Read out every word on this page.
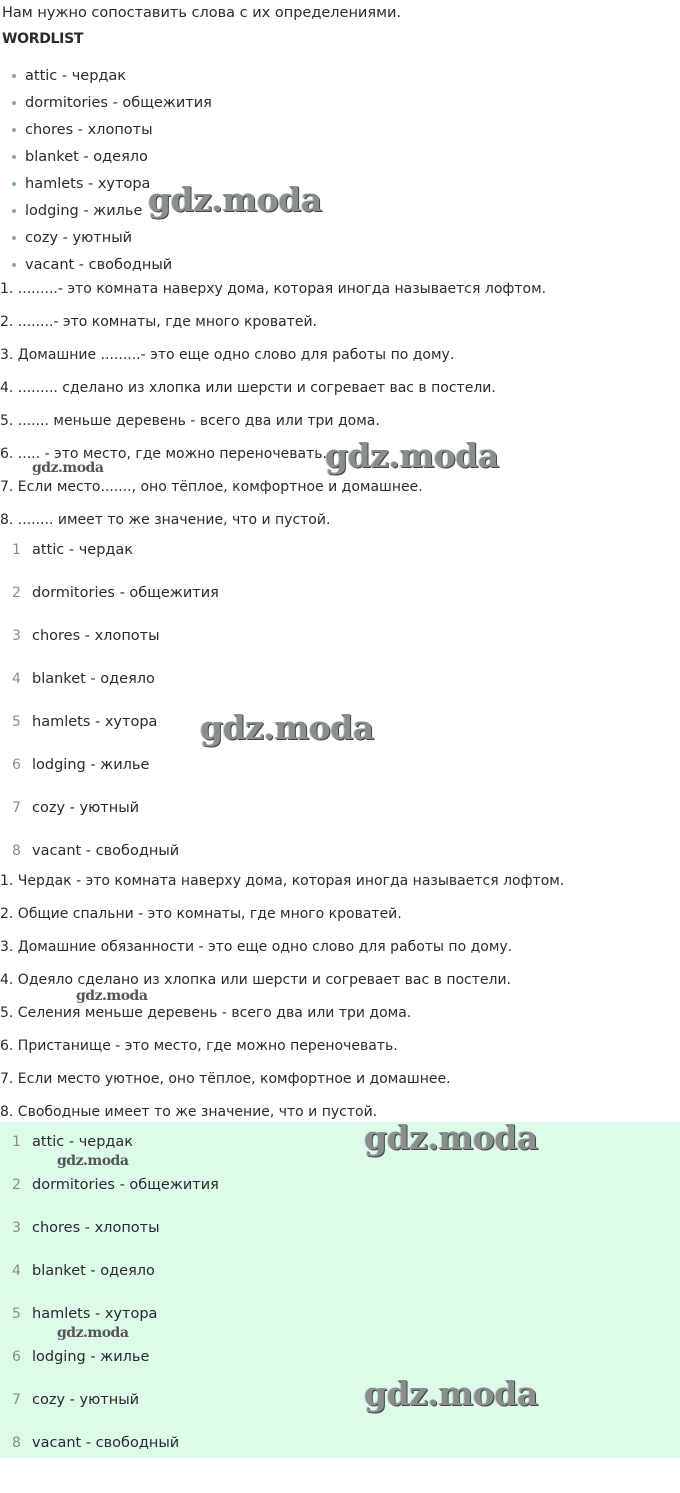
Нам нужно сопоставить слова с их определениями.
WORDLIST
attic - чердак
dormitories - общежития
chores - хлопоты
blanket - одеяло
hamlets - хутора
lodging - жилье
cozy - уютный
vacant - свободный
1. .........- это комната наверху дома, которая иногда называется лофтом.
2. ........- это комнаты, где много кроватей.
3. Домашние .........- это еще одно слово для работы по дому.
4. ......... сделано из хлопка или шерсти и согревает вас в постели.
5. ....... меньше деревень - всего два или три дома.
6. ..... - это место, где можно переночевать.
7. Если место......., оно тёплое, комфортное и домашнее.
8. ........ имеет то же значение, что и пустой.
1 attic - чердак
2 dormitories - общежития
3 chores - хлопоты
4 blanket - одеяло
5 hamlets - хутора
6 lodging - жилье
7 cozy - уютный
8 vacant - свободный
1. Чердак - это комната наверху дома, которая иногда называется лофтом.
2. Общие спальни - это комнаты, где много кроватей.
3. Домашние обязанности - это еще одно слово для работы по дому.
4. Одеяло сделано из хлопка или шерсти и согревает вас в постели.
5. Селения меньше деревень - всего два или три дома.
6. Пристанище - это место, где можно переночевать.
7. Если место уютное, оно тёплое, комфортное и домашнее.
8. Свободные имеет то же значение, что и пустой.
1 attic - чердак
2 dormitories - общежития
3 chores - хлопоты
4 blanket - одеяло
5 hamlets - хутора
6 lodging - жилье
7 cozy - уютный
8 vacant - свободный
gdz.moda
gdz.moda
gdz.moda
gdz.moda
gdz.moda
gdz.moda
gdz.moda
gdz.moda
gdz.moda
